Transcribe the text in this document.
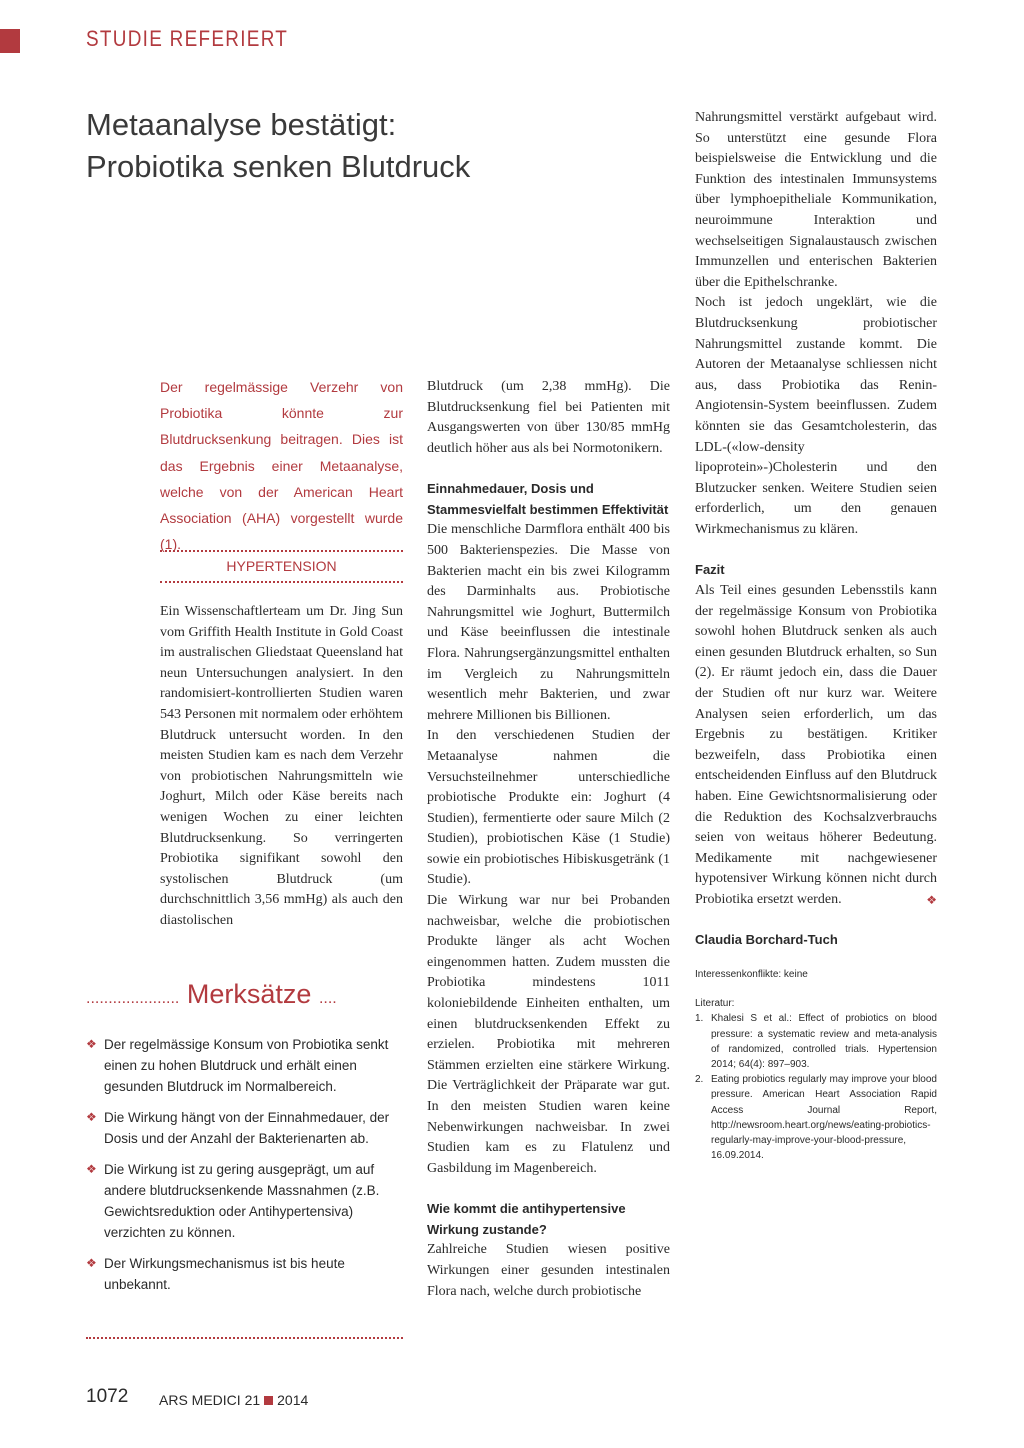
STUDIE REFERIERT
Metaanalyse bestätigt:
Probiotika senken Blutdruck
Der regelmässige Verzehr von Probiotika könnte zur Blutdrucksenkung beitragen. Dies ist das Ergebnis einer Metaanalyse, welche von der American Heart Association (AHA) vorgestellt wurde (1).
HYPERTENSION

Ein Wissenschaftlerteam um Dr. Jing Sun vom Griffith Health Institute in Gold Coast im australischen Gliedstaat Queensland hat neun Untersuchungen analysiert. In den randomisiert-kontrollierten Studien waren 543 Personen mit normalem oder erhöhtem Blutdruck untersucht worden. In den meisten Studien kam es nach dem Verzehr von probiotischen Nahrungsmitteln wie Joghurt, Milch oder Käse bereits nach wenigen Wochen zu einer leichten Blutdrucksenkung. So verringerten Probiotika signifikant sowohl den systolischen Blutdruck (um durchschnittlich 3,56 mmHg) als auch den diastolischen

..................... Merksätze ....
❖ Der regelmässige Konsum von Probiotika senkt einen zu hohen Blutdruck und erhält einen gesunden Blutdruck im Normalbereich.
❖ Die Wirkung hängt von der Einnahmedauer, der Dosis und der Anzahl der Bakterienarten ab.
❖ Die Wirkung ist zu gering ausgeprägt, um auf andere blutdrucksenkende Massnahmen (z.B. Gewichtsreduktion oder Antihypertensiva) verzichten zu können.
❖ Der Wirkungsmechanismus ist bis heute unbekannt.

Blutdruck (um 2,38 mmHg). Die Blutdrucksenkung fiel bei Patienten mit Ausgangswerten von über 130/85 mmHg deutlich höher aus als bei Normotonikern.

Einnahmedauer, Dosis und Stammesvielfalt bestimmen Effektivität

Die menschliche Darmflora enthält 400 bis 500 Bakterienspezies. Die Masse von Bakterien macht ein bis zwei Kilogramm des Darminhalts aus. Probiotische Nahrungsmittel wie Joghurt, Buttermilch und Käse beeinflussen die intestinale Flora. Nahrungsergänzungsmittel enthalten im Vergleich zu Nahrungsmitteln wesentlich mehr Bakterien, und zwar mehrere Millionen bis Billionen.

In den verschiedenen Studien der Metaanalyse nahmen die Versuchsteilnehmer unterschiedliche probiotische Produkte ein: Joghurt (4 Studien), fermentierte oder saure Milch (2 Studien), probiotischen Käse (1 Studie) sowie ein probiotisches Hibiskusgetränk (1 Studie).

Die Wirkung war nur bei Probanden nachweisbar, welche die probiotischen Produkte länger als acht Wochen eingenommen hatten. Zudem mussten die Probiotika mindestens 1011 koloniebildende Einheiten enthalten, um einen blutdrucksenkenden Effekt zu erzielen. Probiotika mit mehreren Stämmen erzielten eine stärkere Wirkung. Die Verträglichkeit der Präparate war gut. In den meisten Studien waren keine Nebenwirkungen nachweisbar. In zwei Studien kam es zu Flatulenz und Gasbildung im Magenbereich.

Wie kommt die antihypertensive Wirkung zustande?

Zahlreiche Studien wiesen positive Wirkungen einer gesunden intestinalen Flora nach, welche durch probiotische

Nahrungsmittel verstärkt aufgebaut wird. So unterstützt eine gesunde Flora beispielsweise die Entwicklung und die Funktion des intestinalen Immunsystems über lymphoepitheliale Kommunikation, neuroimmune Interaktion und wechselseitigen Signalaustausch zwischen Immunzellen und enterischen Bakterien über die Epithelschranke.

Noch ist jedoch ungeklärt, wie die Blutdrucksenkung probiotischer Nahrungsmittel zustande kommt. Die Autoren der Metaanalyse schliessen nicht aus, dass Probiotika das Renin-Angiotensin-System beeinflussen. Zudem könnten sie das Gesamtcholesterin, das LDL-(«low-density lipoprotein»-)Cholesterin und den Blutzucker senken. Weitere Studien seien erforderlich, um den genauen Wirkmechanismus zu klären.

Fazit

Als Teil eines gesunden Lebensstils kann der regelmässige Konsum von Probiotika sowohl hohen Blutdruck senken als auch einen gesunden Blutdruck erhalten, so Sun (2). Er räumt jedoch ein, dass die Dauer der Studien oft nur kurz war. Weitere Analysen seien erforderlich, um das Ergebnis zu bestätigen. Kritiker bezweifeln, dass Probiotika einen entscheidenden Einfluss auf den Blutdruck haben. Eine Gewichtsnormalisierung oder die Reduktion des Kochsalzverbrauchs seien von weitaus höherer Bedeutung. Medikamente mit nachgewiesener hypotensiver Wirkung können nicht durch Probiotika ersetzt werden.	❖

Claudia Borchard-Tuch
Interessenkonflikte: keine
Literatur:
1. Khalesi S et al.: Effect of probiotics on blood pressure: a systematic review and meta-analysis of randomized, controlled trials. Hypertension 2014; 64(4): 897–903.
2. Eating probiotics regularly may improve your blood pressure. American Heart Association Rapid Access Journal Report, http://newsroom.heart.org/news/eating-probiotics-regularly-may-improve-your-blood-pressure, 16.09.2014.
1072 ARS MEDICI 21 2014
